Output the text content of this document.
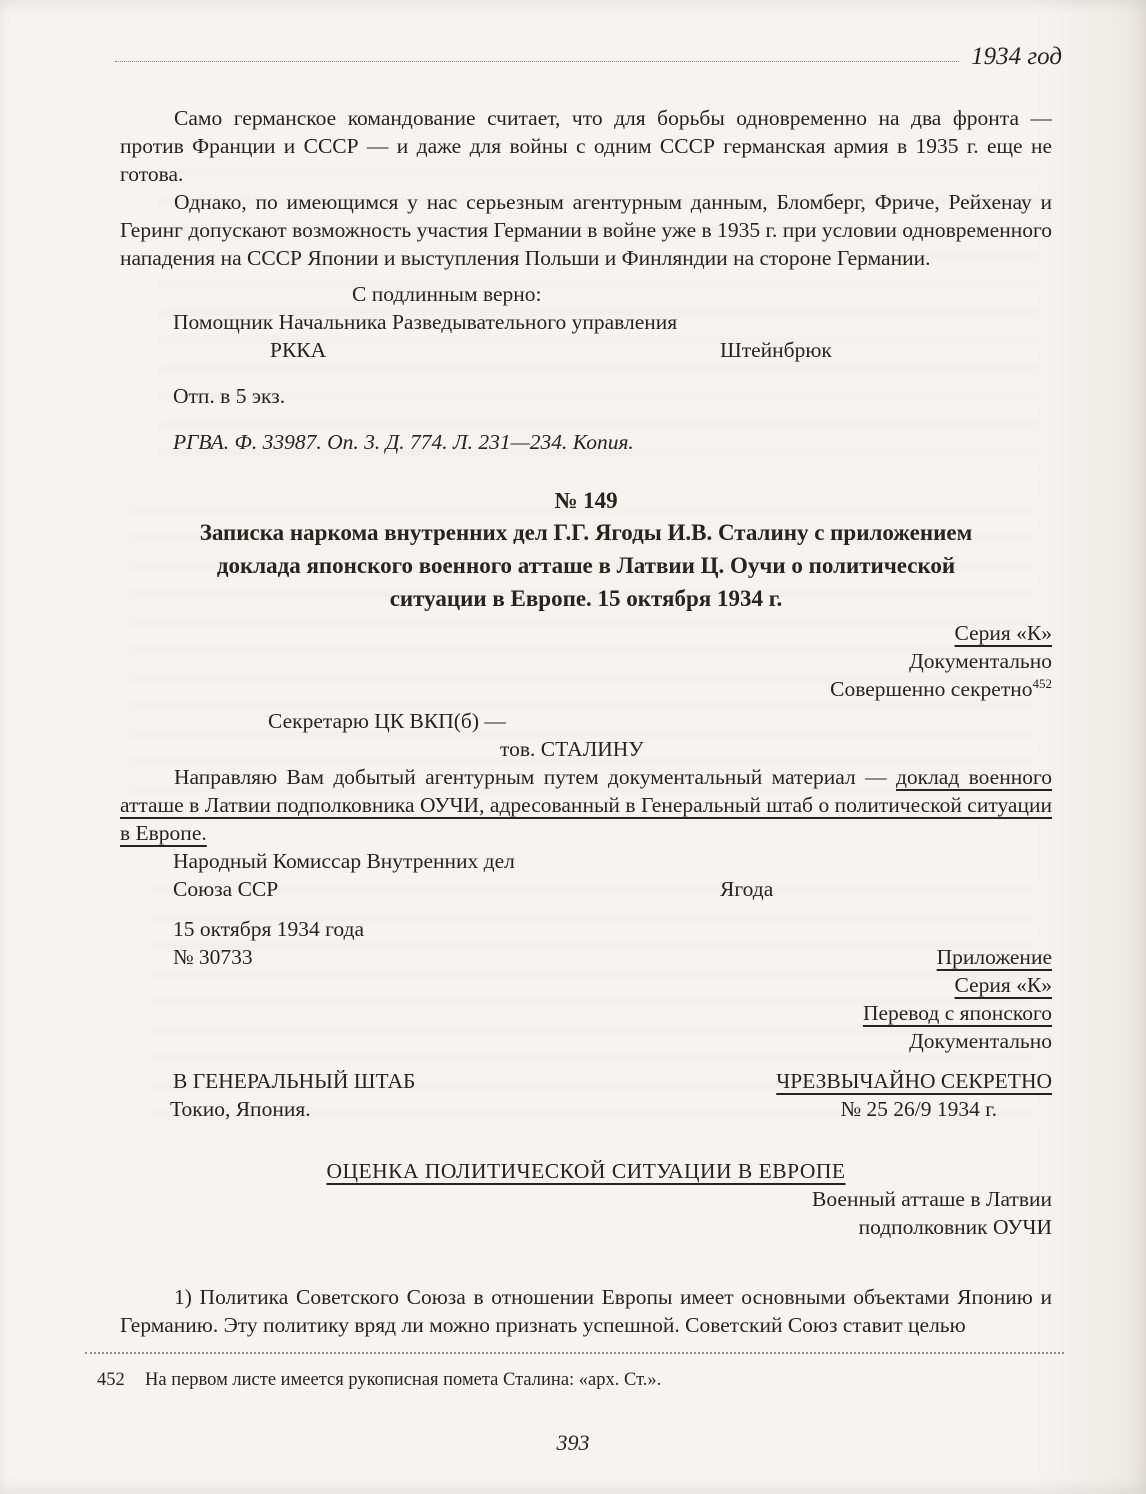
1934 год

Само германское командование считает, что для борьбы одновременно на два фронта — против Франции и СССР — и даже для войны с одним СССР германская армия в 1935 г. еще не готова.

Однако, по имеющимся у нас серьезным агентурным данным, Бломберг, Фриче, Рейхенау и Геринг допускают возможность участия Германии в войне уже в 1935 г. при условии одновременного нападения на СССР Японии и выступления Польши и Финляндии на стороне Германии.

С подлинным верно:

Помощник Начальника Разведывательного управления

РККА	Штейнбрюк

Отп. в 5 экз.

РГВА. Ф. 33987. Оп. 3. Д. 774. Л. 231—234. Копия.

№ 149

Записка наркома внутренних дел Г.Г. Ягоды И.В. Сталину с приложением
доклада японского военного атташе в Латвии Ц. Оучи о политической
ситуации в Европе. 15 октября 1934 г.
Серия «К»
Документально
Совершенно секретно$^{452}$

Секретарю ЦК ВКП(б) —

тов. СТАЛИНУ

Направляю Вам добытый агентурным путем документальный материал — доклад военного атташе в Латвии подполковника ОУЧИ, адресованный в Генеральный штаб о политической ситуации в Европе.

Народный Комиссар Внутренних дел

Союза ССР	Ягода

15 октября 1934 года

№ 30733	Приложение
Серия «К»
Перевод с японского
Документально
В ГЕНЕРАЛЬНЫЙ ШТАБ	ЧРЕЗВЫЧАЙНО СЕКРЕТНО
Токио, Япония.	№ 25 26/9 1934 г.

ОЦЕНКА ПОЛИТИЧЕСКОЙ СИТУАЦИИ В ЕВРОПЕ

Военный атташе в Латвии
подполковник ОУЧИ

1) Политика Советского Союза в отношении Европы имеет основными объектами Японию и Германию. Эту политику вряд ли можно признать успешной. Советский Союз ставит целью

452 На первом листе имеется рукописная помета Сталина: «арх. Ст.».
393
